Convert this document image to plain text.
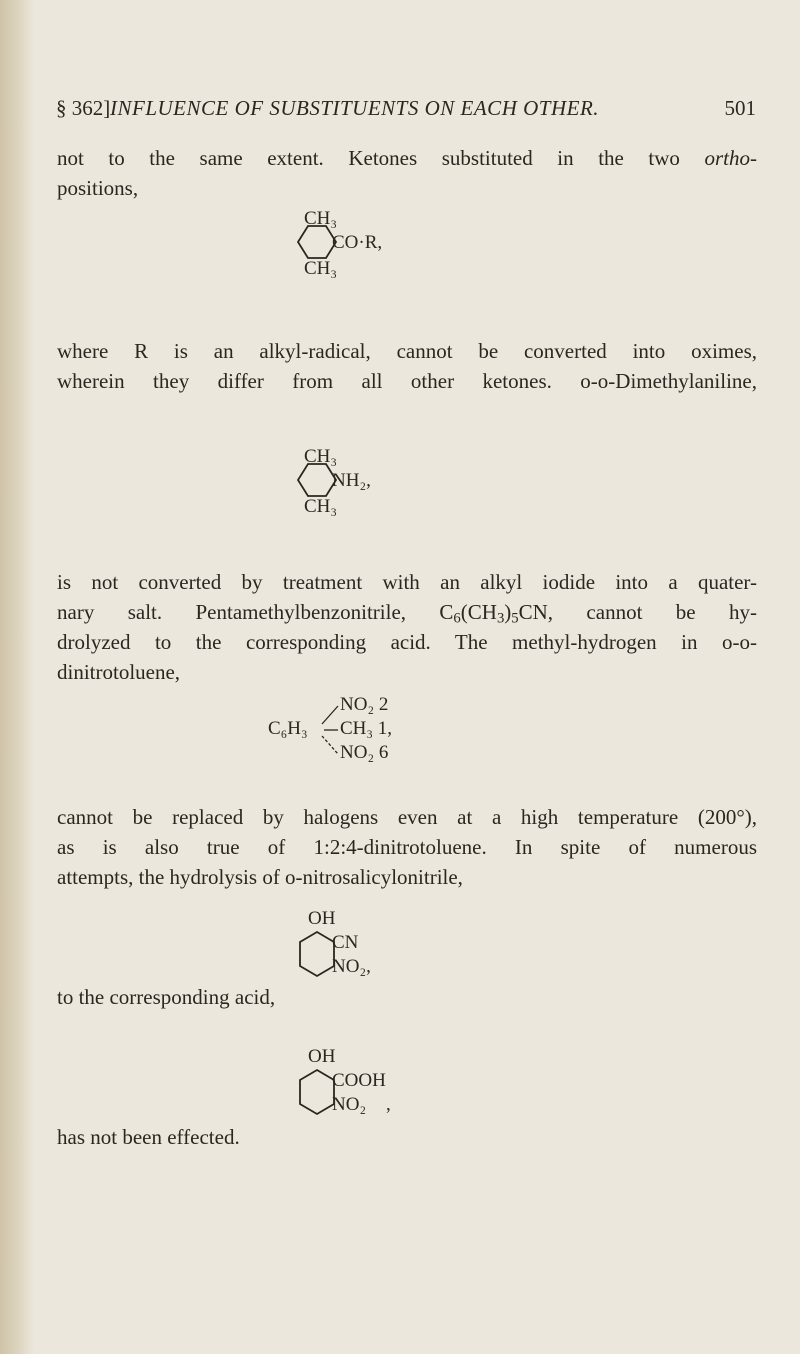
§ 362] INFLUENCE OF SUBSTITUENTS ON EACH OTHER.	501

not to the same extent. Ketones substituted in the two ortho-

positions,

CH₃
CO·R,
CH₃

where R is an alkyl-radical, cannot be converted into oximes,

wherein they differ from all other ketones. o-o-Dimethylaniline,

CH₃
NH₂,
CH₃

is not converted by treatment with an alkyl iodide into a quater-

nary salt. Pentamethylbenzonitrile, $C_6(CH_3)_5CN$, cannot be hy-

drolyzed to the corresponding acid. The methyl-hydrogen in o-o-

dinitrotoluene,

NO₂ 2
C₆H₃ CH₃ 1,
NO₂ 6

cannot be replaced by halogens even at a high temperature (200°),

as is also true of 1:2:4-dinitrotoluene. In spite of numerous

attempts, the hydrolysis of o-nitrosalicylonitrile,

OH
CN
NO₂,
to the corresponding acid,
OH
COOH
NO₂ ,
has not been effected.
